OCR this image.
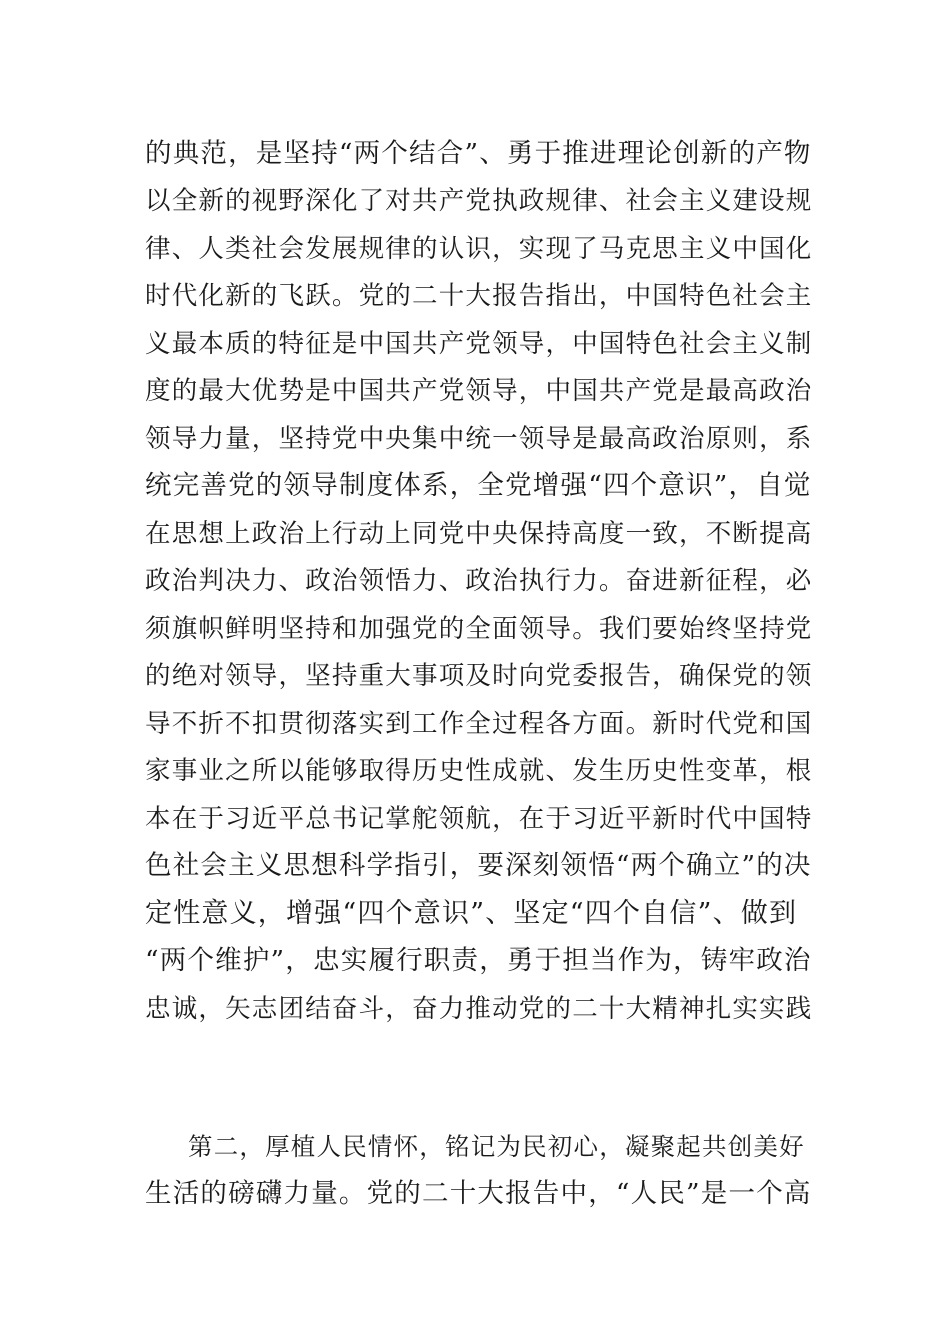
的典范，是坚持“两个结合”、勇于推进理论创新的产物
以全新的视野深化了对共产党执政规律、社会主义建设规
律、人类社会发展规律的认识，实现了马克思主义中国化
时代化新的飞跃。党的二十大报告指出，中国特色社会主
义最本质的特征是中国共产党领导，中国特色社会主义制
度的最大优势是中国共产党领导，中国共产党是最高政治
领导力量，坚持党中央集中统一领导是最高政治原则，系
统完善党的领导制度体系，全党增强“四个意识”，自觉
在思想上政治上行动上同党中央保持高度一致，不断提高
政治判决力、政治领悟力、政治执行力。奋进新征程，必
须旗帜鲜明坚持和加强党的全面领导。我们要始终坚持党
的绝对领导，坚持重大事项及时向党委报告，确保党的领
导不折不扣贯彻落实到工作全过程各方面。新时代党和国
家事业之所以能够取得历史性成就、发生历史性变革，根
本在于习近平总书记掌舵领航，在于习近平新时代中国特
色社会主义思想科学指引，要深刻领悟“两个确立”的决
定性意义，增强“四个意识”、坚定“四个自信”、做到
“两个维护”，忠实履行职责，勇于担当作为，铸牢政治
忠诚，矢志团结奋斗，奋力推动党的二十大精神扎实实践
第二，厚植人民情怀，铭记为民初心，凝聚起共创美好
生活的磅礴力量。党的二十大报告中，“人民”是一个高
